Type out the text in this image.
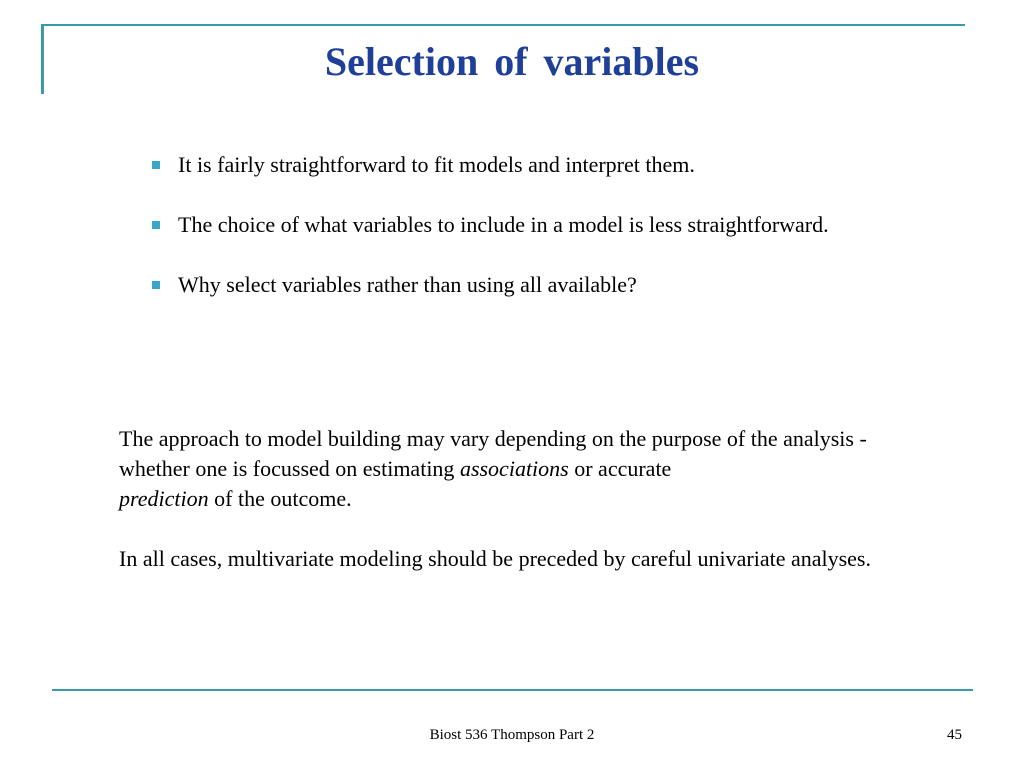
Selection of variables
It is fairly straightforward to fit models and interpret them.
The choice of what variables to include in a model is less straightforward.
Why select variables rather than using all available?

The approach to model building may vary depending on the purpose of the analysis - whether one is focussed on estimating associations or accurate
prediction of the outcome.

In all cases, multivariate modeling should be preceded by careful univariate analyses.

Biost 536 Thompson Part 2	45
